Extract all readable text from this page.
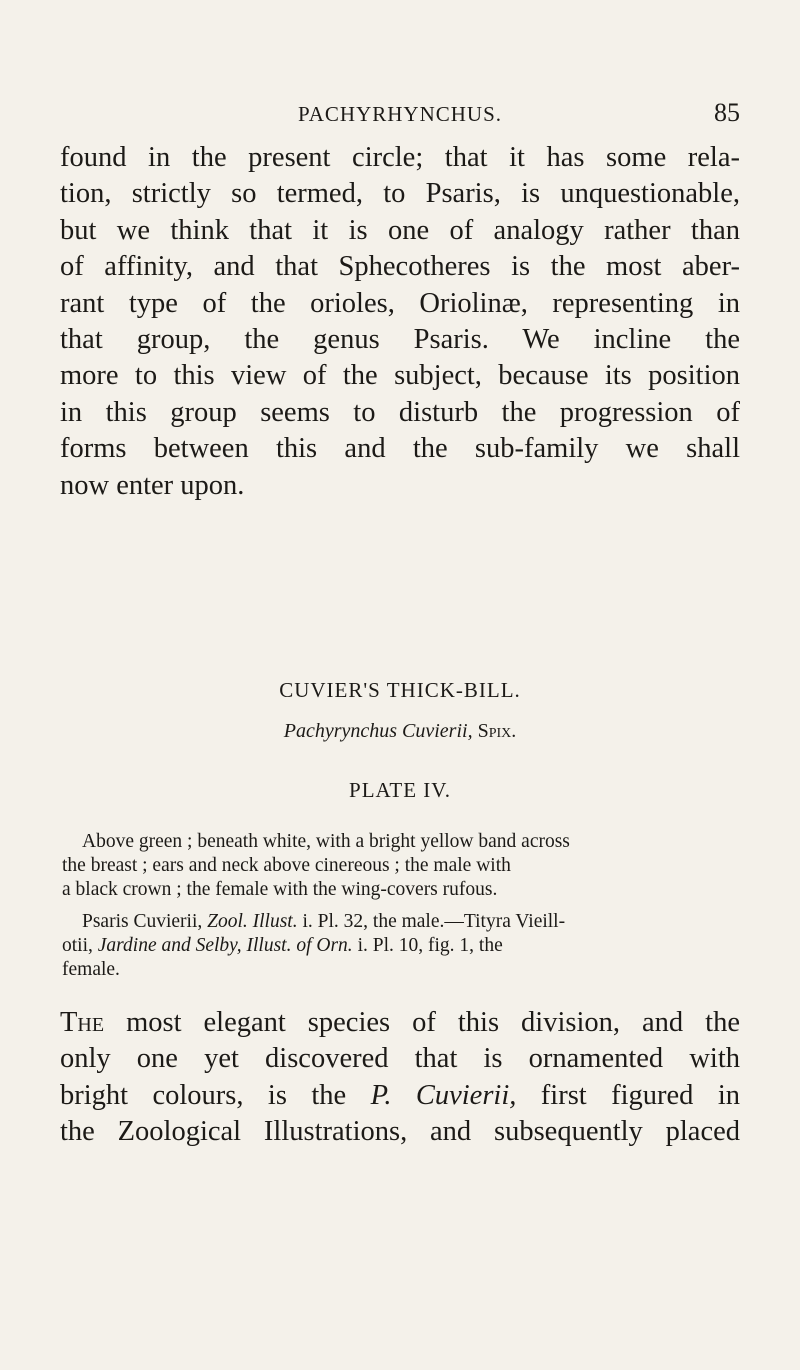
PACHYRHYNCHUS.	85
found in the present circle; that it has some rela-
tion, strictly so termed, to Psaris, is unquestionable,
but we think that it is one of analogy rather than
of affinity, and that Sphecotheres is the most aber-
rant type of the orioles, Oriolinæ, representing in
that group, the genus Psaris. We incline the
more to this view of the subject, because its position
in this group seems to disturb the progression of
forms between this and the sub-family we shall
now enter upon.
CUVIER'S THICK-BILL.
Pachyrynchus Cuvierii, Spix.
PLATE IV.
Above green ; beneath white, with a bright yellow band across
the breast ; ears and neck above cinereous ; the male with
a black crown ; the female with the wing-covers rufous.
Psaris Cuvierii, Zool. Illust. i. Pl. 32, the male.—Tityra Vieill-
otii, Jardine and Selby, Illust. of Orn. i. Pl. 10, fig. 1, the
female.
The most elegant species of this division, and the
only one yet discovered that is ornamented with
bright colours, is the P. Cuvierii, first figured in
the Zoological Illustrations, and subsequently placed
